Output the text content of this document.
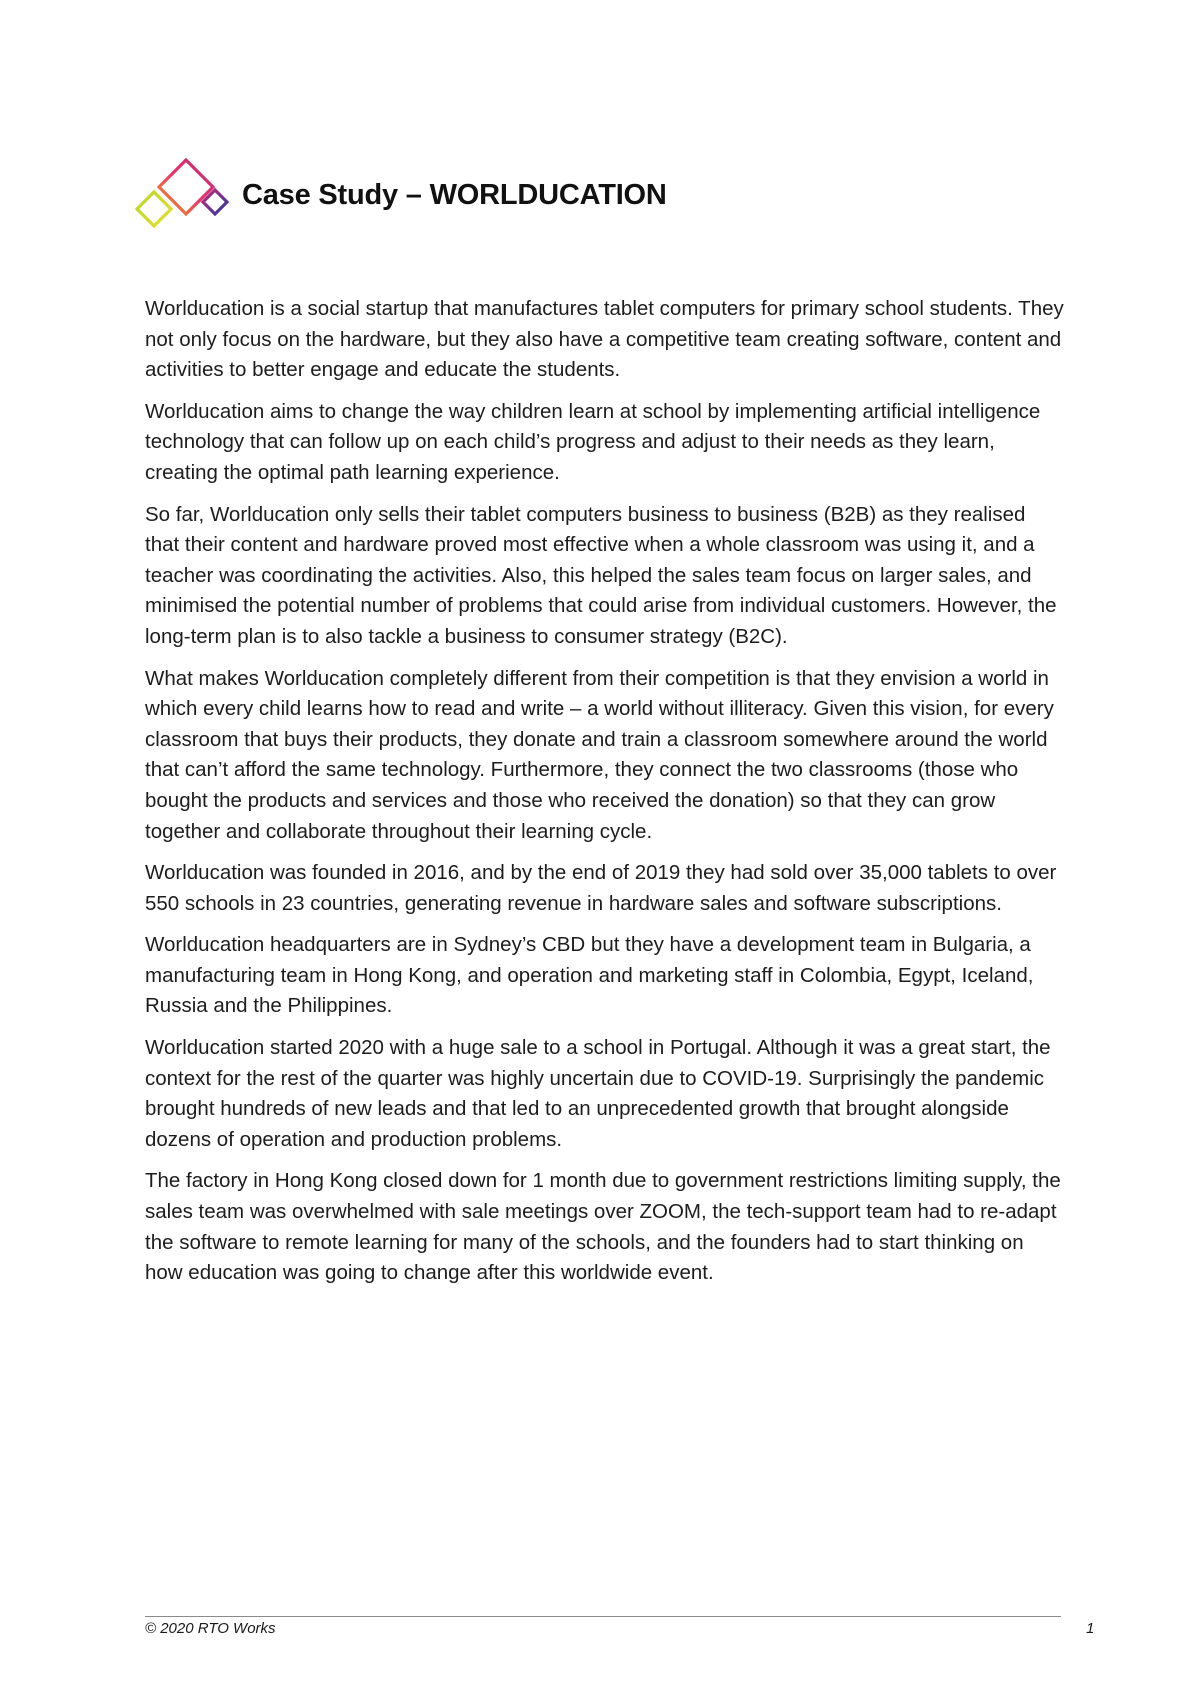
Case Study – WORLDUCATION

Worlducation is a social startup that manufactures tablet computers for primary school students. They not only focus on the hardware, but they also have a competitive team creating software, content and activities to better engage and educate the students.

Worlducation aims to change the way children learn at school by implementing artificial intelligence technology that can follow up on each child’s progress and adjust to their needs as they learn, creating the optimal path learning experience.

So far, Worlducation only sells their tablet computers business to business (B2B) as they realised that their content and hardware proved most effective when a whole classroom was using it, and a teacher was coordinating the activities. Also, this helped the sales team focus on larger sales, and minimised the potential number of problems that could arise from individual customers. However, the long-term plan is to also tackle a business to consumer strategy (B2C).

What makes Worlducation completely different from their competition is that they envision a world in which every child learns how to read and write – a world without illiteracy. Given this vision, for every classroom that buys their products, they donate and train a classroom somewhere around the world that can’t afford the same technology. Furthermore, they connect the two classrooms (those who bought the products and services and those who received the donation) so that they can grow together and collaborate throughout their learning cycle.

Worlducation was founded in 2016, and by the end of 2019 they had sold over 35,000 tablets to over 550 schools in 23 countries, generating revenue in hardware sales and software subscriptions.

Worlducation headquarters are in Sydney’s CBD but they have a development team in Bulgaria, a manufacturing team in Hong Kong, and operation and marketing staff in Colombia, Egypt, Iceland, Russia and the Philippines.

Worlducation started 2020 with a huge sale to a school in Portugal. Although it was a great start, the context for the rest of the quarter was highly uncertain due to COVID-19. Surprisingly the pandemic brought hundreds of new leads and that led to an unprecedented growth that brought alongside dozens of operation and production problems.

The factory in Hong Kong closed down for 1 month due to government restrictions limiting supply, the sales team was overwhelmed with sale meetings over ZOOM, the tech-support team had to re-adapt the software to remote learning for many of the schools, and the founders had to start thinking on how education was going to change after this worldwide event.

© 2020 RTO Works	1
